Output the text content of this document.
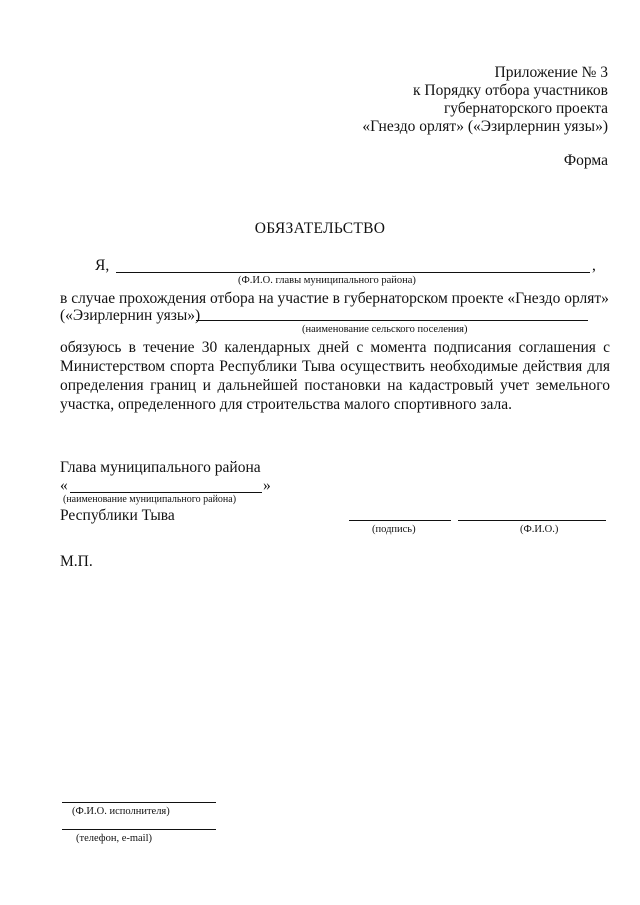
Приложение № 3
к Порядку отбора участников
губернаторского проекта
«Гнездо орлят» («Эзирлернин уязы»)
Форма
ОБЯЗАТЕЛЬСТВО
Я,	,
(Ф.И.О. главы муниципального района)
в случае прохождения отбора на участие в губернаторском проекте «Гнездо орлят»
(«Эзирлернин уязы»)
(наименование сельского поселения)
обязуюсь в течение 30 календарных дней с момента подписания соглашения с Министерством спорта Республики Тыва осуществить необходимые действия для определения границ и дальнейшей постановки на кадастровый учет земельного участка, определенного для строительства малого спортивного зала.
Глава муниципального района
«	»
(наименование муниципального района)
Республики Тыва
(подпись)	(Ф.И.О.)
М.П.
(Ф.И.О. исполнителя)
(телефон, e-mail)
